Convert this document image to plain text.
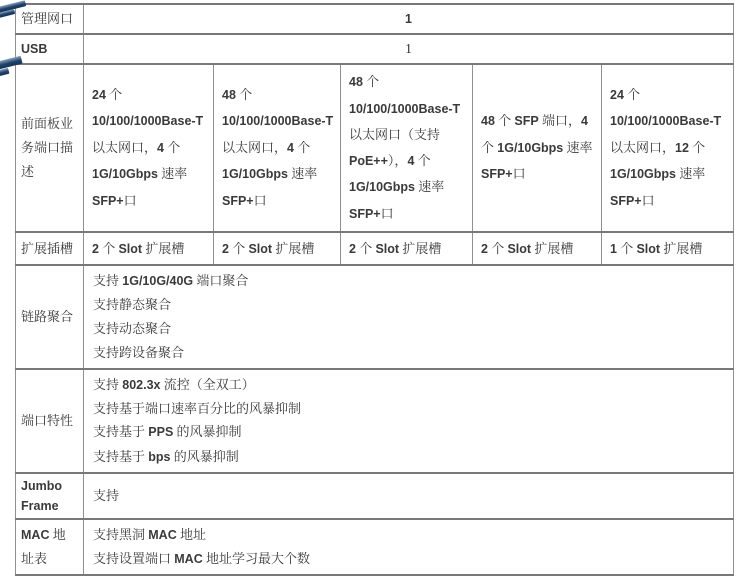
管理网口	1				
USB	1				
前面板业务端口描述	24 个 10/100/1000Base-T 以太网口，4 个 1G/10Gbps 速率 SFP+口	48 个 10/100/1000Base-T 以太网口，4 个 1G/10Gbps 速率 SFP+口	48 个 10/100/1000Base-T 以太网口（支持 PoE++），4 个 1G/10Gbps 速率 SFP+口	48 个 SFP 端口，4 个 1G/10Gbps 速率 SFP+口	24 个 10/100/1000Base-T 以太网口，12 个 1G/10Gbps 速率 SFP+口
扩展插槽	2 个 Slot 扩展槽	2 个 Slot 扩展槽	2 个 Slot 扩展槽	2 个 Slot 扩展槽	1 个 Slot 扩展槽
链路聚合	支持 1G/10G/40G 端口聚合
支持静态聚合
支持动态聚合
支持跨设备聚合				

端口特性	支持 802.3x 流控（全双工）
支持基于端口速率百分比的风暴抑制
支持基于 PPS 的风暴抑制
支持基于 bps 的风暴抑制				

Jumbo Frame	支持				

MAC 地址表	支持黑洞 MAC 地址
支持设置端口 MAC 地址学习最大个数				
